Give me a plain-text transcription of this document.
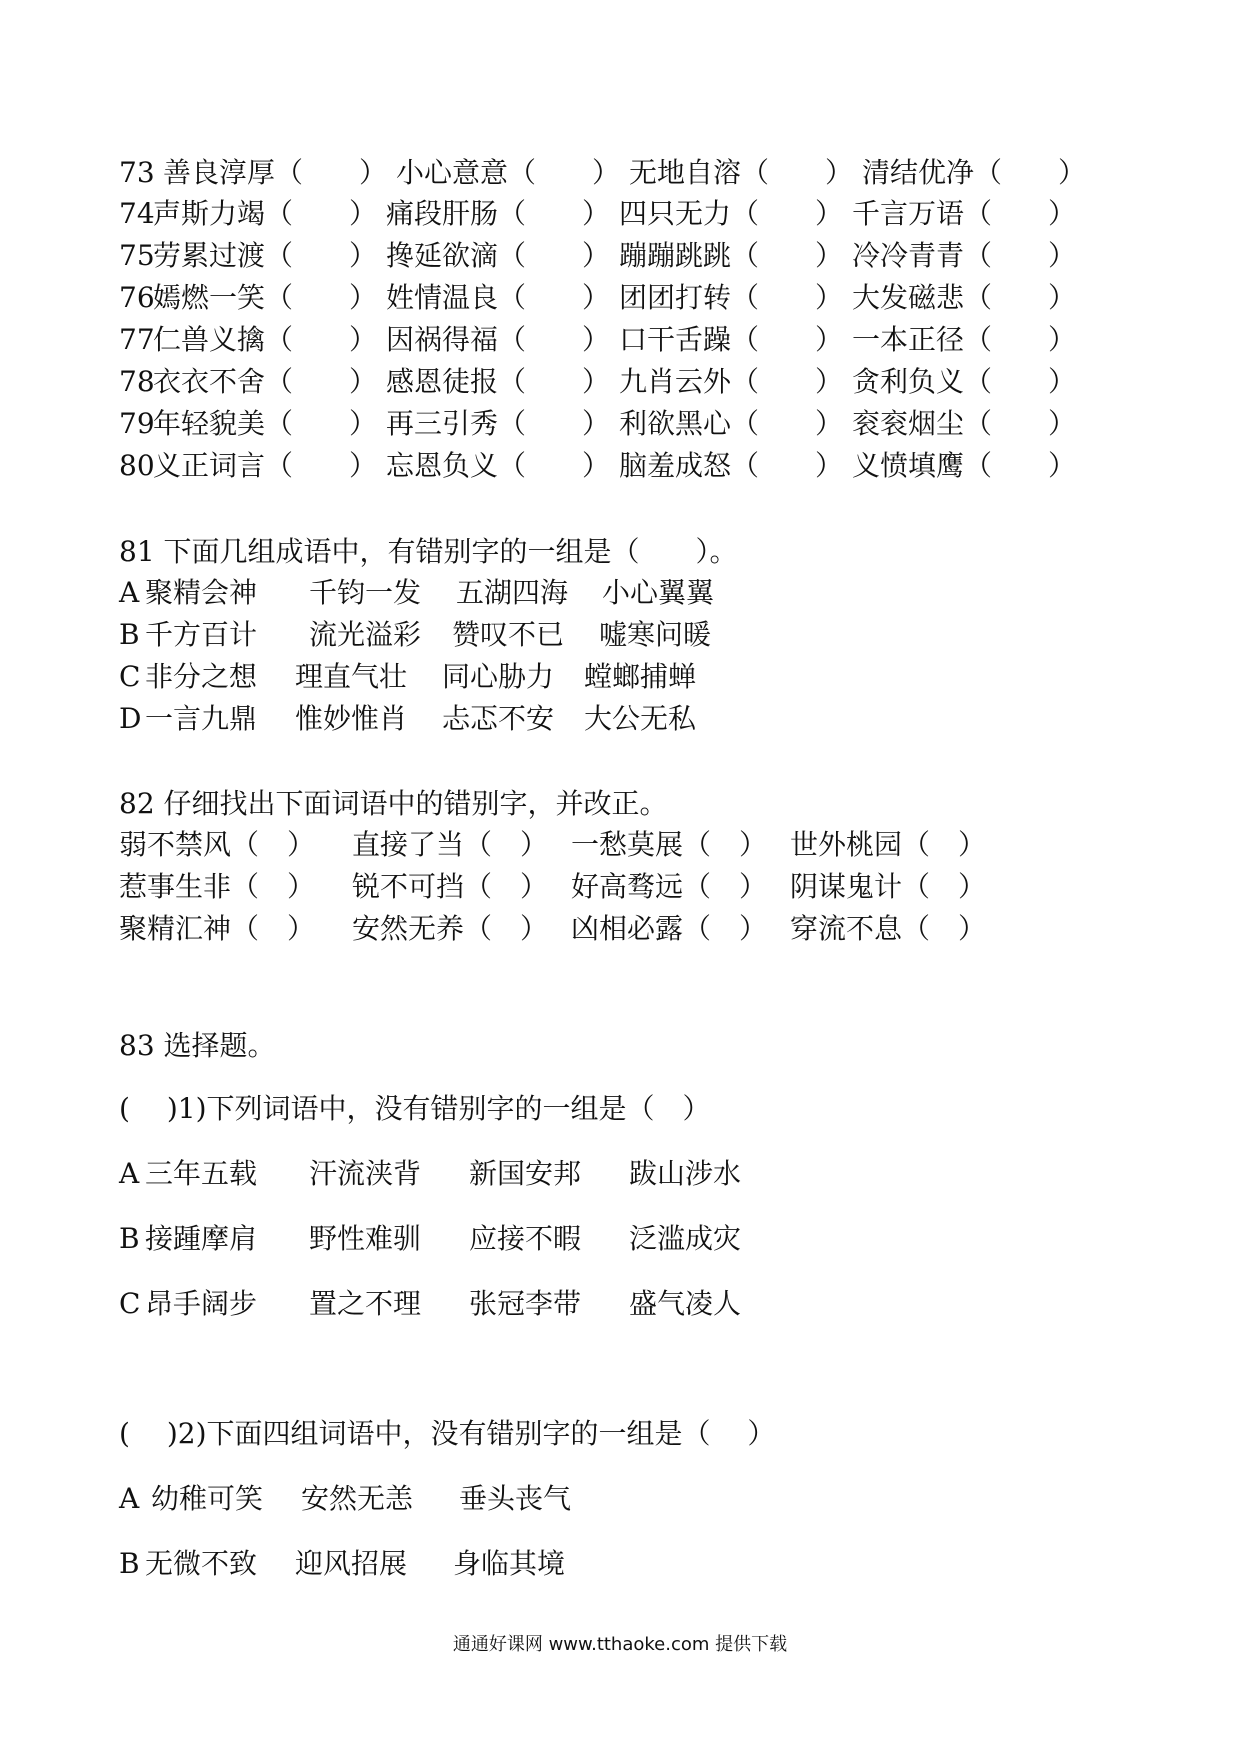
73 善良淳厚（　　） 小心意意（　　） 无地自溶（　　） 清结优净（　　）
74
声斯力竭（　　） 痛段肝肠（　　） 四只无力（　　） 千言万语（　　）
75
劳累过渡（　　） 搀延欲滴（　　） 蹦蹦跳跳（　　） 冷冷青青（　　）
76
嫣燃一笑（　　） 姓情温良（　　） 团团打转（　　） 大发磁悲（　　）
77
仁兽义擒（　　） 因祸得福（　　） 口干舌躁（　　） 一本正径（　　）
78
衣衣不舍（　　） 感恩徒报（　　） 九肖云外（　　） 贪利负义（　　）
79
年轻貌美（　　） 再三引秀（　　） 利欲黑心（　　） 衮衮烟尘（　　）
80
义正词言（　　） 忘恩负义（　　） 脑羞成怒（　　） 义愤填鹰（　　）
81 下面几组成语中，有错别字的一组是（　　）。
A 聚精会神 千钧一发 五湖四海 小心翼翼
B 千方百计 流光溢彩 赞叹不已 嘘寒问暖
C 非分之想 理直气壮 同心胁力 螳螂捕蝉
D 一言九鼎 惟妙惟肖 忐忑不安 大公无私
82 仔细找出下面词语中的错别字，并改正。
弱不禁风（　） 直接了当（　） 一愁莫展（　） 世外桃园（　）
惹事生非（　） 锐不可挡（　） 好高骛远（　） 阴谋鬼计（　）
聚精汇神（　） 安然无养（　） 凶相必露（　） 穿流不息（　）
83 选择题。
(　 )1)下列词语中，没有错别字的一组是（　）
A 三年五载 汗流浃背 新国安邦 跋山涉水
B 接踵摩肩 野性难驯 应接不暇 泛滥成灾
C 昂手阔步 置之不理 张冠李带 盛气凌人
(　 )2)下面四组词语中，没有错别字的一组是（　 ）
A 幼稚可笑 安然无恙 垂头丧气
B 无微不致 迎风招展 身临其境
通通好课网 www.tthaoke.com 提供下载
